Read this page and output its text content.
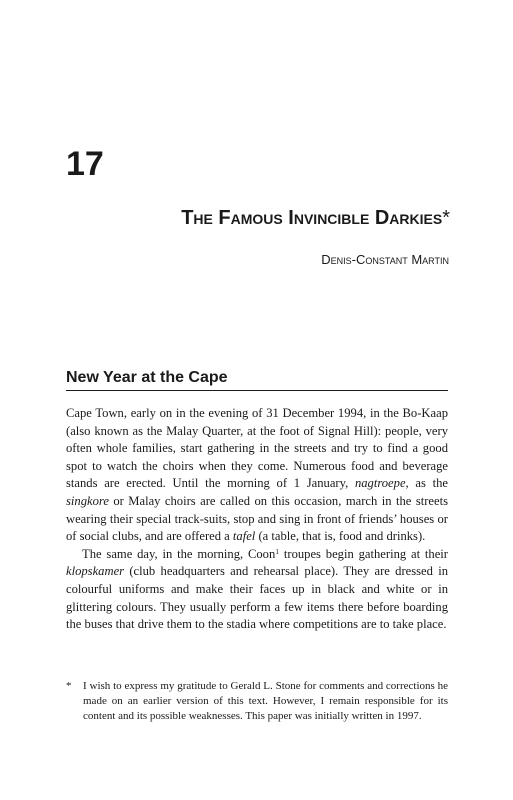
17
The Famous Invincible Darkies*
Denis-Constant Martin
New Year at the Cape

Cape Town, early on in the evening of 31 December 1994, in the Bo-Kaap (also known as the Malay Quarter, at the foot of Signal Hill): people, very often whole families, start gathering in the streets and try to find a good spot to watch the choirs when they come. Numerous food and beverage stands are erected. Until the morning of 1 January, nagtroepe, as the singkore or Malay choirs are called on this occasion, march in the streets wearing their special track-suits, stop and sing in front of friends’ houses or of social clubs, and are offered a tafel (a table, that is, food and drinks).

The same day, in the morning, Coon$^1$ troupes begin gathering at their klopskamer (club headquarters and rehearsal place). They are dressed in colourful uniforms and make their faces up in black and white or in glittering colours. They usually perform a few items there before boarding the buses that drive them to the stadia where competitions are to take place.

*	I wish to express my gratitude to Gerald L. Stone for comments and corrections he made on an earlier version of this text. However, I remain responsible for its content and its possible weaknesses. This paper was initially written in 1997.
